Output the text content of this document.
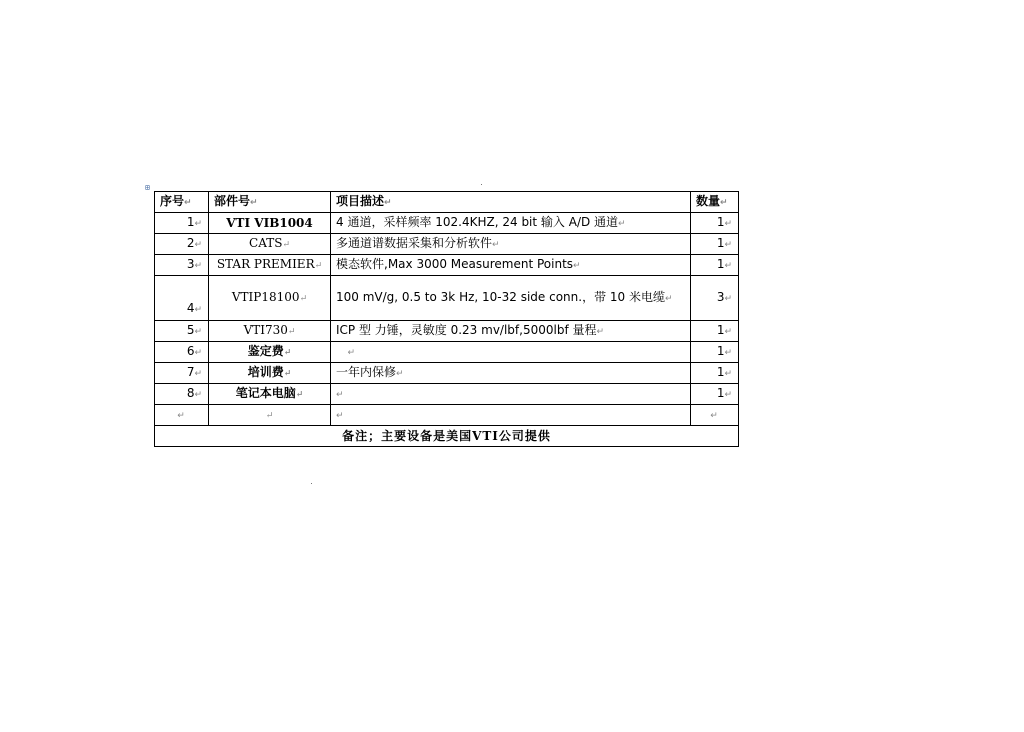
⊞
序号↵	部件号↵	项目描述↵	数量↵
1↵	VTI VIB1004	4 通道，采样频率 102.4KHZ, 24 bit 输入 A/D 通道↵	1↵
2↵	CATS↵	多通道谱数据采集和分析软件↵	1↵
3↵	STAR PREMIER↵	模态软件,Max 3000 Measurement Points↵	1↵
4↵	VTIP18100↵	100 mV/g, 0.5 to 3k Hz, 10-32 side conn.，带 10 米电缆↵	3↵
5↵	VTI730↵	ICP 型 力锤，灵敏度 0.23 mv/lbf,5000lbf 量程↵	1↵
6↵	鉴定费↵	↵	1↵
7↵	培训费↵	一年内保修↵	1↵
8↵	笔记本电脑↵	↵	1↵
↵	↵	↵	↵
备注；主要设备是美国VTI公司提供			
